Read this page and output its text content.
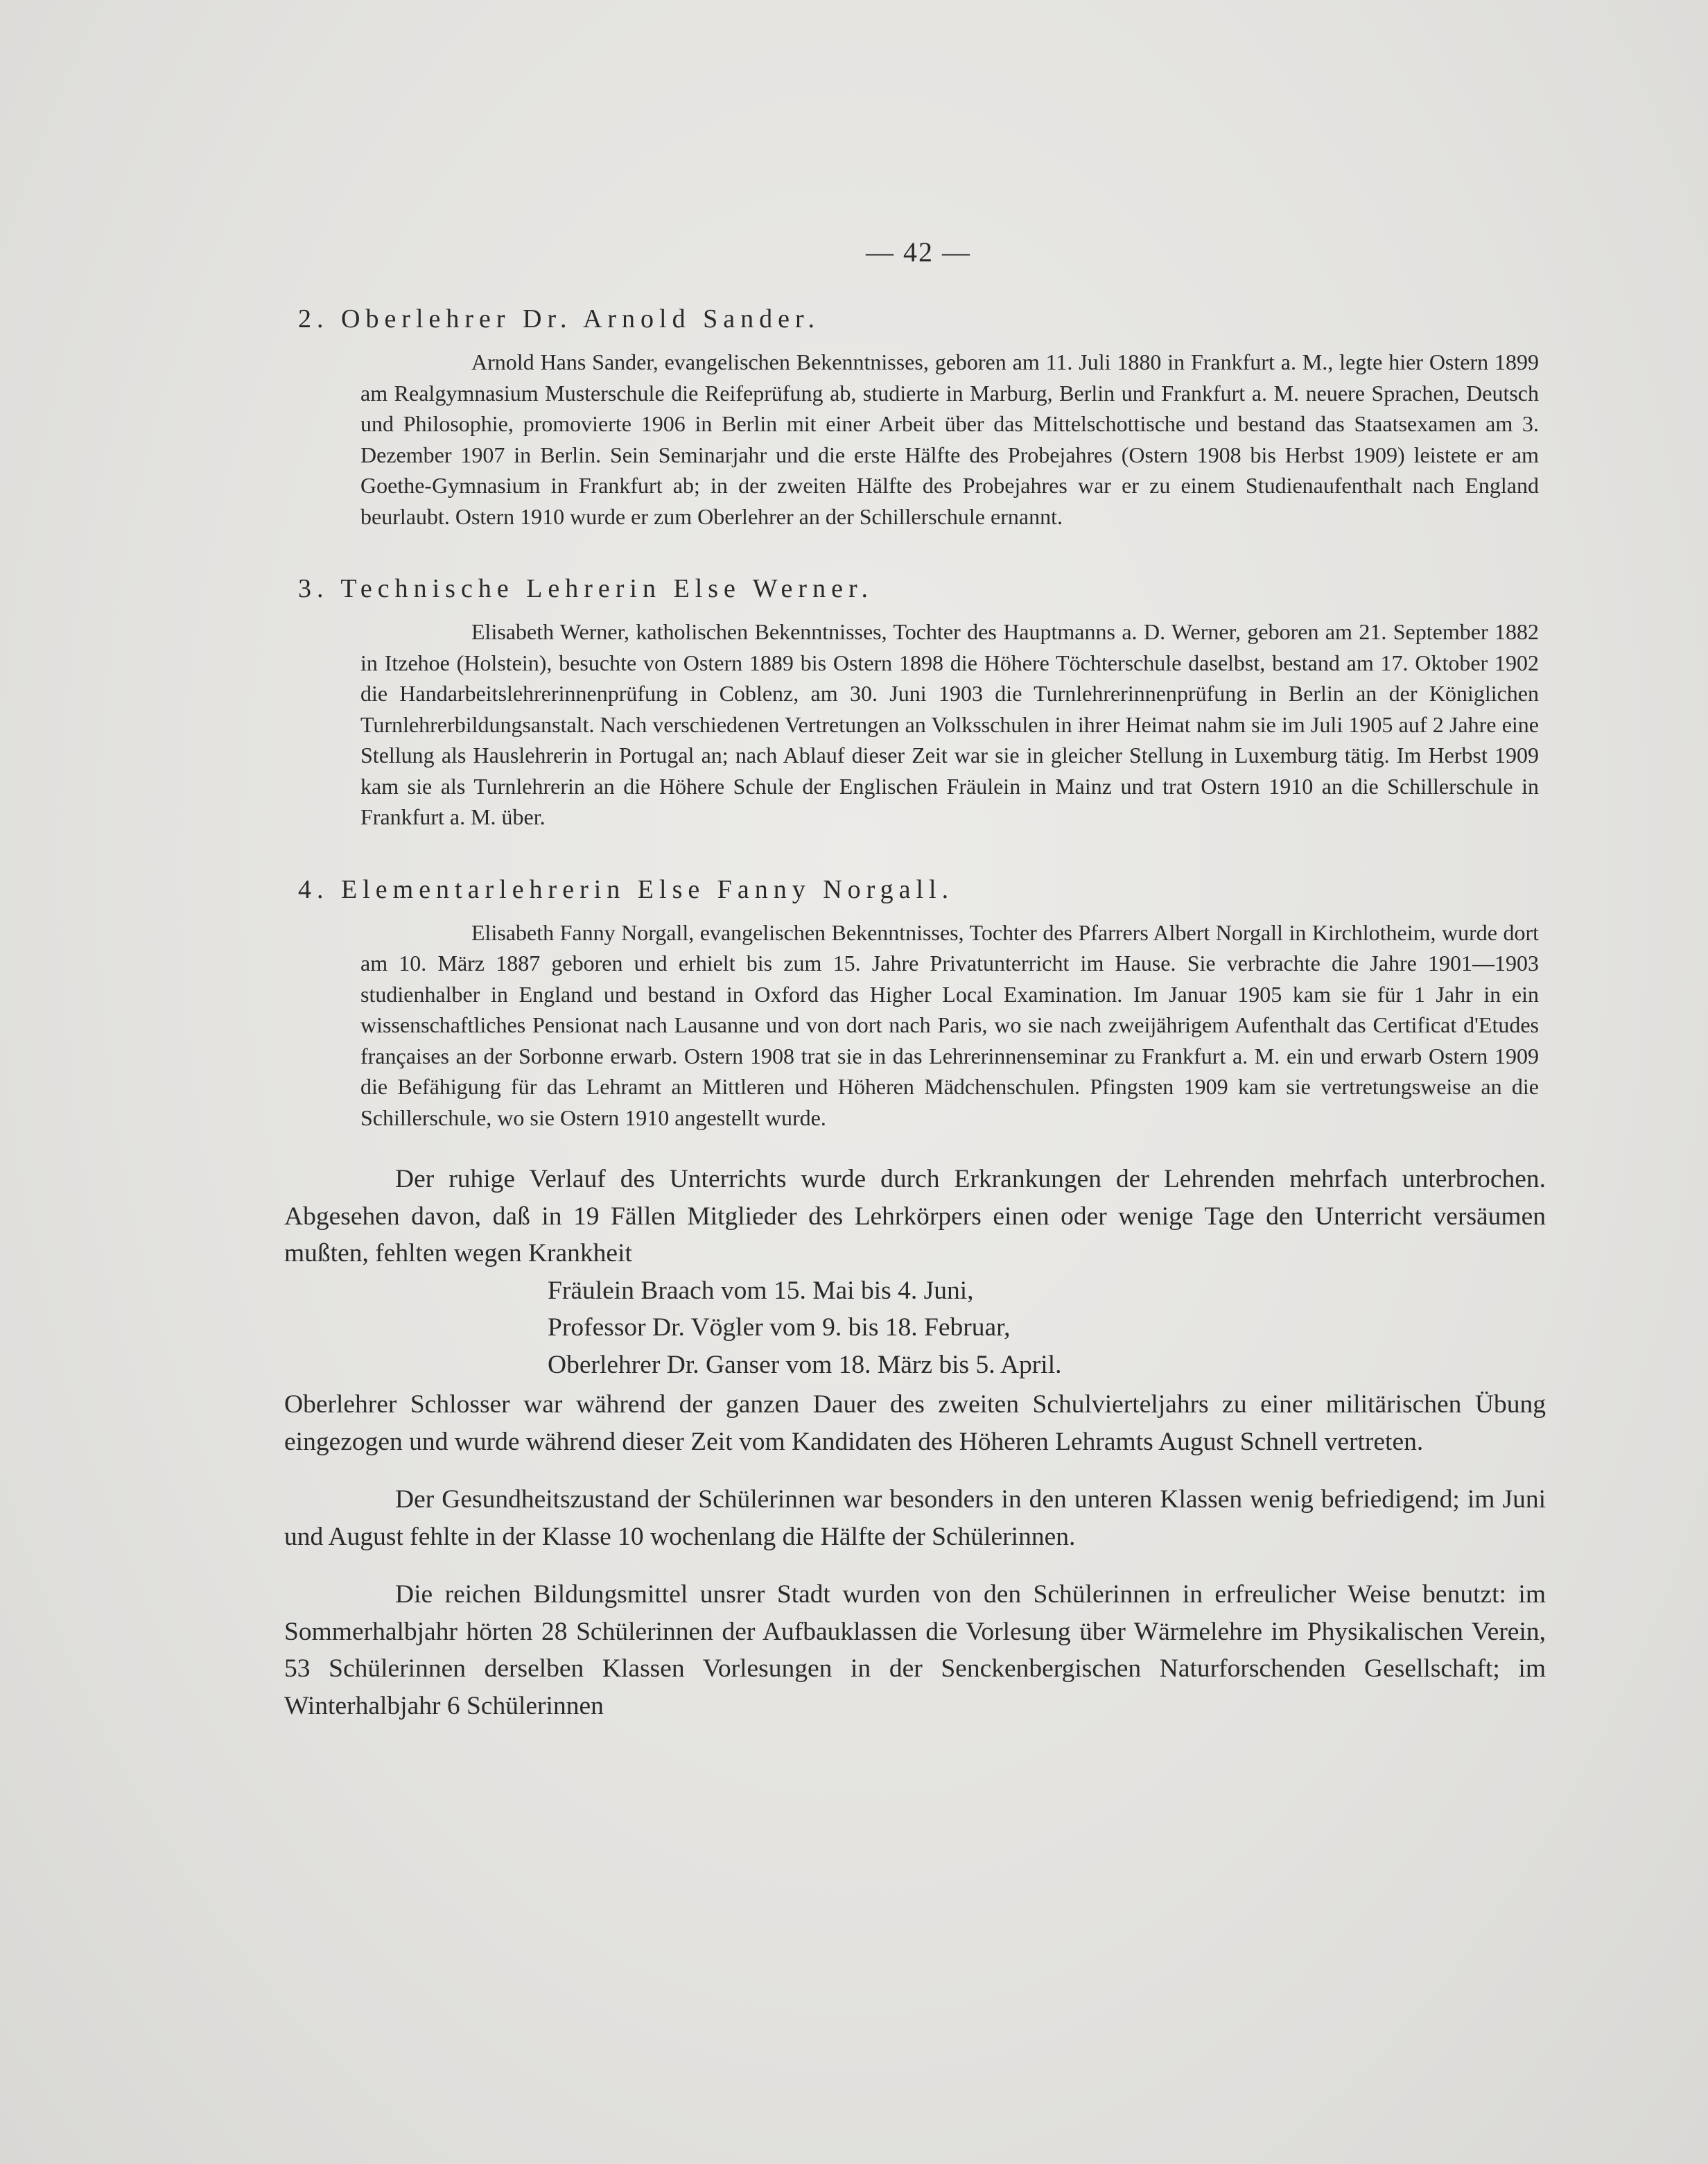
— 42 —
2. Oberlehrer Dr. Arnold Sander.

Arnold Hans Sander, evangelischen Bekenntnisses, geboren am 11. Juli 1880 in Frankfurt a. M., legte hier Ostern 1899 am Realgymnasium Musterschule die Reifeprüfung ab, studierte in Marburg, Berlin und Frankfurt a. M. neuere Sprachen, Deutsch und Philosophie, promovierte 1906 in Berlin mit einer Arbeit über das Mittelschottische und bestand das Staatsexamen am 3. Dezember 1907 in Berlin. Sein Seminarjahr und die erste Hälfte des Probejahres (Ostern 1908 bis Herbst 1909) leistete er am Goethe-Gymnasium in Frankfurt ab; in der zweiten Hälfte des Probejahres war er zu einem Studienaufenthalt nach England beurlaubt. Ostern 1910 wurde er zum Oberlehrer an der Schillerschule ernannt.

3. Technische Lehrerin Else Werner.

Elisabeth Werner, katholischen Bekenntnisses, Tochter des Hauptmanns a. D. Werner, geboren am 21. September 1882 in Itzehoe (Holstein), besuchte von Ostern 1889 bis Ostern 1898 die Höhere Töchterschule daselbst, bestand am 17. Oktober 1902 die Handarbeitslehrerinnenprüfung in Coblenz, am 30. Juni 1903 die Turnlehrerinnenprüfung in Berlin an der Königlichen Turnlehrerbildungsanstalt. Nach verschiedenen Vertretungen an Volksschulen in ihrer Heimat nahm sie im Juli 1905 auf 2 Jahre eine Stellung als Hauslehrerin in Portugal an; nach Ablauf dieser Zeit war sie in gleicher Stellung in Luxemburg tätig. Im Herbst 1909 kam sie als Turnlehrerin an die Höhere Schule der Englischen Fräulein in Mainz und trat Ostern 1910 an die Schillerschule in Frankfurt a. M. über.

4. Elementarlehrerin Else Fanny Norgall.

Elisabeth Fanny Norgall, evangelischen Bekenntnisses, Tochter des Pfarrers Albert Norgall in Kirchlotheim, wurde dort am 10. März 1887 geboren und erhielt bis zum 15. Jahre Privatunterricht im Hause. Sie verbrachte die Jahre 1901—1903 studienhalber in England und bestand in Oxford das Higher Local Examination. Im Januar 1905 kam sie für 1 Jahr in ein wissenschaftliches Pensionat nach Lausanne und von dort nach Paris, wo sie nach zweijährigem Aufenthalt das Certificat d'Etudes françaises an der Sorbonne erwarb. Ostern 1908 trat sie in das Lehrerinnenseminar zu Frankfurt a. M. ein und erwarb Ostern 1909 die Befähigung für das Lehramt an Mittleren und Höheren Mädchenschulen. Pfingsten 1909 kam sie vertretungsweise an die Schillerschule, wo sie Ostern 1910 angestellt wurde.

Der ruhige Verlauf des Unterrichts wurde durch Erkrankungen der Lehrenden mehrfach unterbrochen. Abgesehen davon, daß in 19 Fällen Mitglieder des Lehrkörpers einen oder wenige Tage den Unterricht versäumen mußten, fehlten wegen Krankheit

Fräulein Braach vom 15. Mai bis 4. Juni,
Professor Dr. Vögler vom 9. bis 18. Februar,
Oberlehrer Dr. Ganser vom 18. März bis 5. April.

Oberlehrer Schlosser war während der ganzen Dauer des zweiten Schulvierteljahrs zu einer militärischen Übung eingezogen und wurde während dieser Zeit vom Kandidaten des Höheren Lehramts August Schnell vertreten.

Der Gesundheitszustand der Schülerinnen war besonders in den unteren Klassen wenig befriedigend; im Juni und August fehlte in der Klasse 10 wochenlang die Hälfte der Schülerinnen.

Die reichen Bildungsmittel unsrer Stadt wurden von den Schülerinnen in erfreulicher Weise benutzt: im Sommerhalbjahr hörten 28 Schülerinnen der Aufbauklassen die Vorlesung über Wärmelehre im Physikalischen Verein, 53 Schülerinnen derselben Klassen Vorlesungen in der Senckenbergischen Naturforschenden Gesellschaft; im Winterhalbjahr 6 Schülerinnen
